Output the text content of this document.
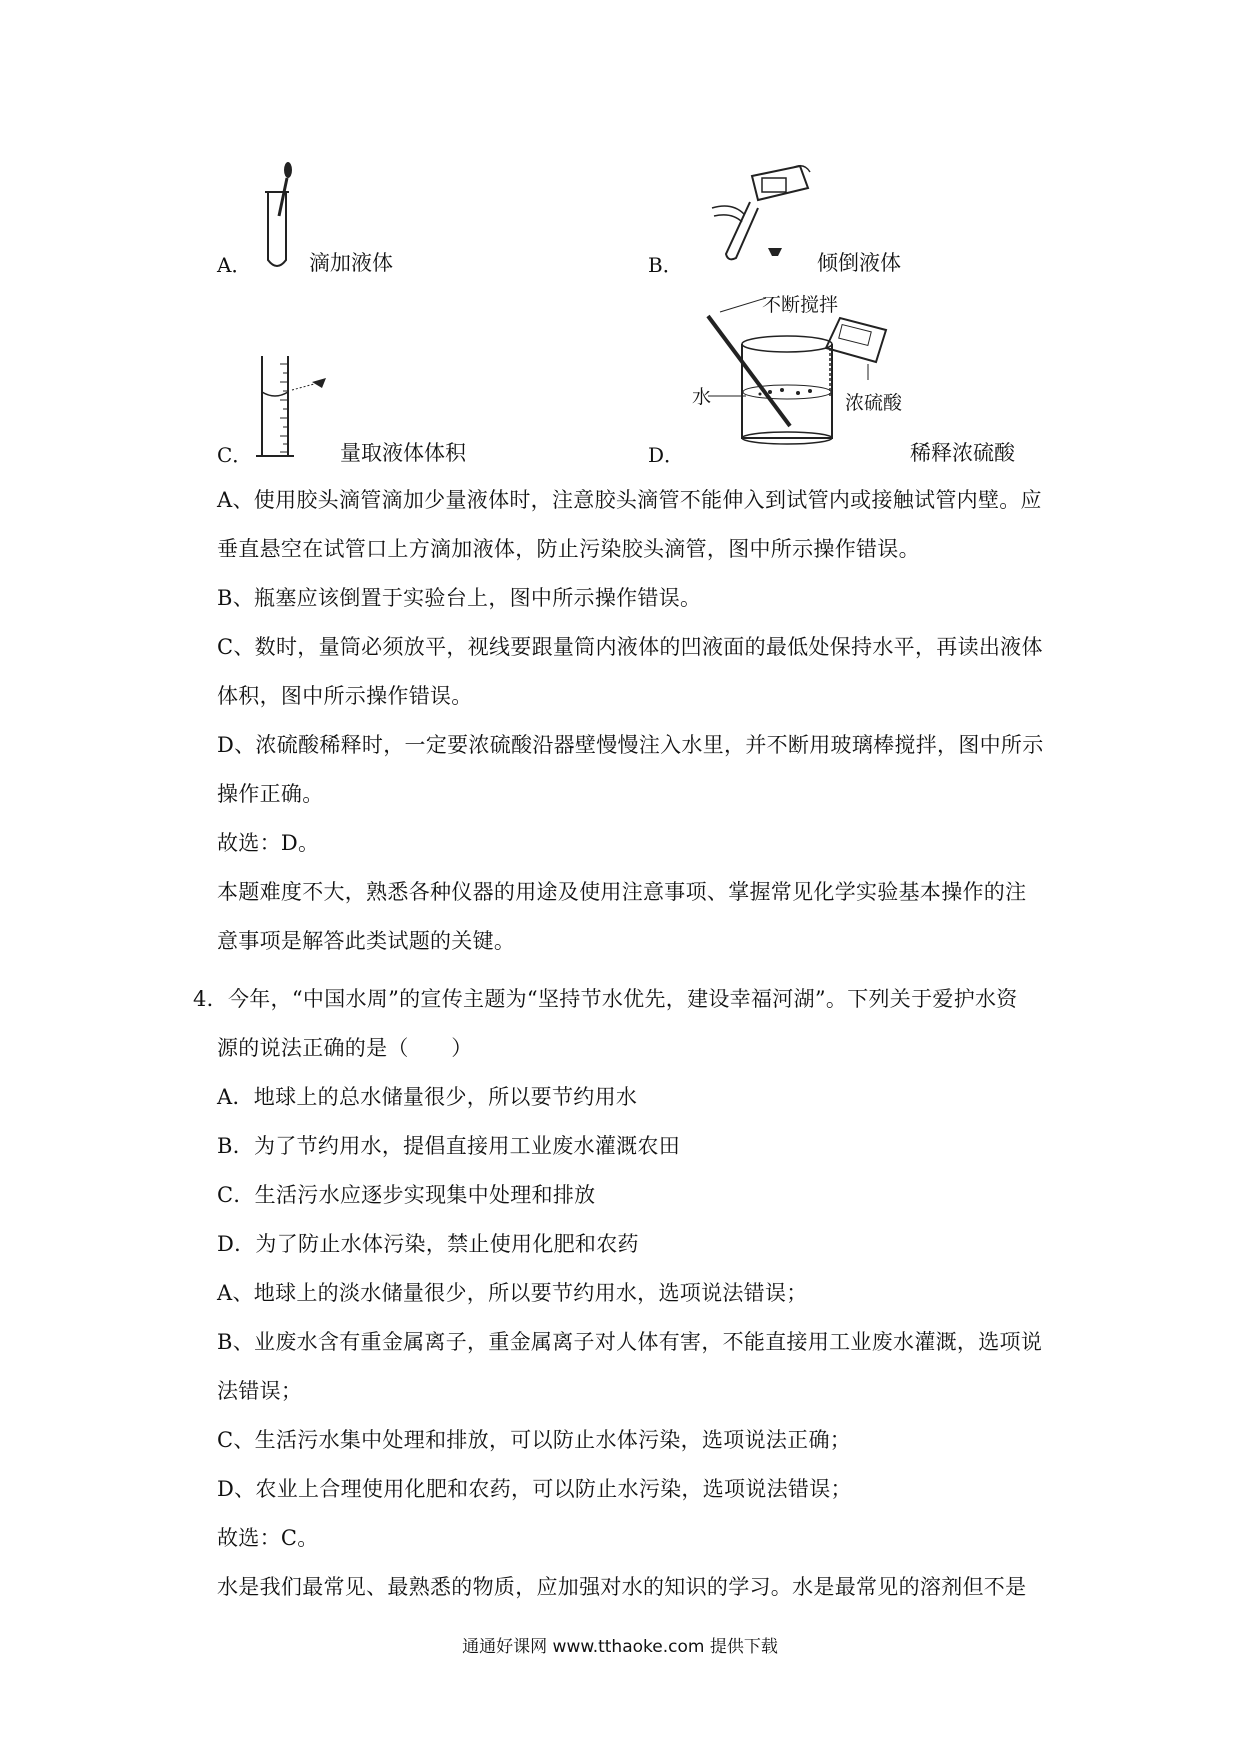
A．	滴加液体	B．	倾倒液体
C．	量取液体体积	D．
不断搅拌
水	浓硫酸
稀释浓硫酸
A、使用胶头滴管滴加少量液体时，注意胶头滴管不能伸入到试管内或接触试管内壁。应
垂直悬空在试管口上方滴加液体，防止污染胶头滴管，图中所示操作错误。
B、瓶塞应该倒置于实验台上，图中所示操作错误。
C、数时，量筒必须放平，视线要跟量筒内液体的凹液面的最低处保持水平，再读出液体
体积，图中所示操作错误。
D、浓硫酸稀释时，一定要浓硫酸沿器壁慢慢注入水里，并不断用玻璃棒搅拌，图中所示
操作正确。
故选：D。
本题难度不大，熟悉各种仪器的用途及使用注意事项、掌握常见化学实验基本操作的注
意事项是解答此类试题的关键。
4．今年，“中国水周”的宣传主题为“坚持节水优先，建设幸福河湖”。下列关于爱护水资
源的说法正确的是（　　）
A．地球上的总水储量很少，所以要节约用水
B．为了节约用水，提倡直接用工业废水灌溉农田
C．生活污水应逐步实现集中处理和排放
D．为了防止水体污染，禁止使用化肥和农药
A、地球上的淡水储量很少，所以要节约用水，选项说法错误；
B、业废水含有重金属离子，重金属离子对人体有害，不能直接用工业废水灌溉，选项说
法错误；
C、生活污水集中处理和排放，可以防止水体污染，选项说法正确；
D、农业上合理使用化肥和农药，可以防止水污染，选项说法错误；
故选：C。
水是我们最常见、最熟悉的物质，应加强对水的知识的学习。水是最常见的溶剂但不是
通通好课网 www.tthaoke.com 提供下载
